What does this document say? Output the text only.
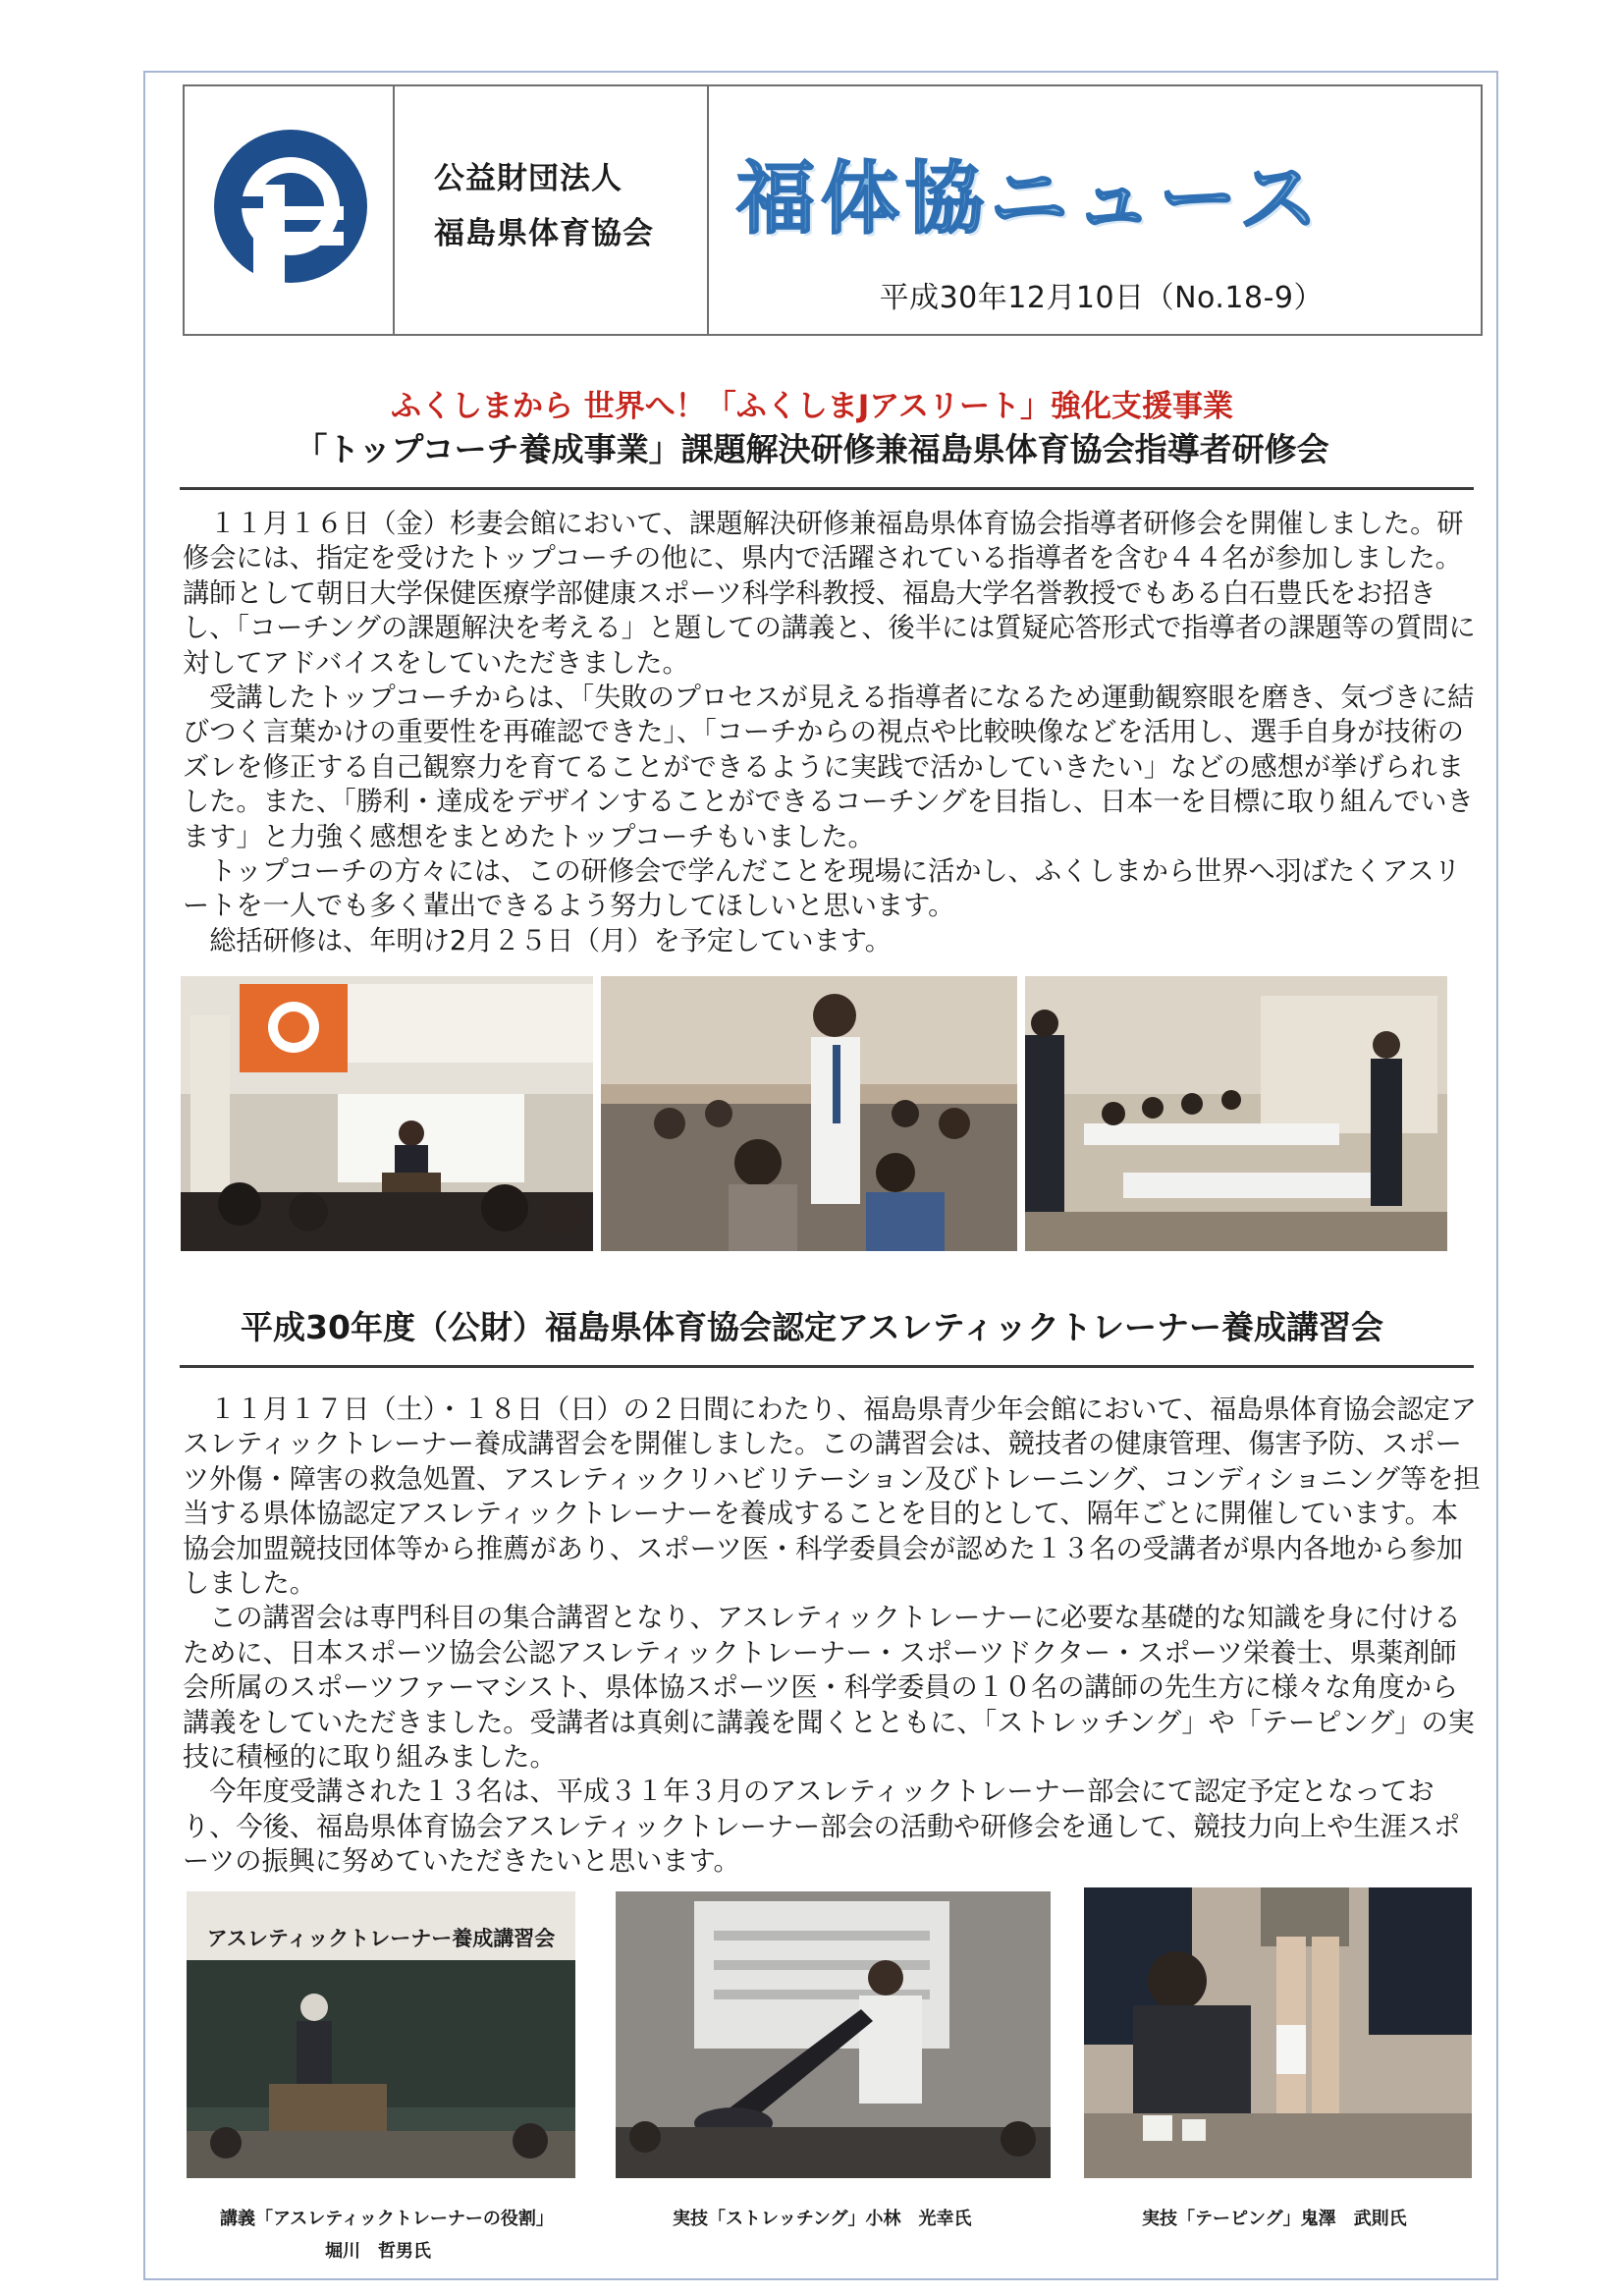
公益財団法人
福島県体育協会 福体協ニュース
平成30年12月10日（No.18-9）
ふくしまから 世界へ！「ふくしまJアスリート」強化支援事業
「トップコーチ養成事業」課題解決研修兼福島県体育協会指導者研修会

１１月１６日（金）杉妻会館において、課題解決研修兼福島県体育協会指導者研修会を開催しました。研修会には、指定を受けたトップコーチの他に、県内で活躍されている指導者を含む４４名が参加しました。講師として朝日大学保健医療学部健康スポーツ科学科教授、福島大学名誉教授でもある白石豊氏をお招きし、「コーチングの課題解決を考える」と題しての講義と、後半には質疑応答形式で指導者の課題等の質問に対してアドバイスをしていただきました。

受講したトップコーチからは、「失敗のプロセスが見える指導者になるため運動観察眼を磨き、気づきに結びつく言葉かけの重要性を再確認できた」、「コーチからの視点や比較映像などを活用し、選手自身が技術のズレを修正する自己観察力を育てることができるように実践で活かしていきたい」などの感想が挙げられました。また、「勝利・達成をデザインすることができるコーチングを目指し、日本一を目標に取り組んでいきます」と力強く感想をまとめたトップコーチもいました。

トップコーチの方々には、この研修会で学んだことを現場に活かし、ふくしまから世界へ羽ばたくアスリートを一人でも多く輩出できるよう努力してほしいと思います。

総括研修は、年明け2月２５日（月）を予定しています。

平成30年度（公財）福島県体育協会認定アスレティックトレーナー養成講習会

１１月１７日（土）・１８日（日）の２日間にわたり、福島県青少年会館において、福島県体育協会認定アスレティックトレーナー養成講習会を開催しました。この講習会は、競技者の健康管理、傷害予防、スポーツ外傷・障害の救急処置、アスレティックリハビリテーション及びトレーニング、コンディショニング等を担当する県体協認定アスレティックトレーナーを養成することを目的として、隔年ごとに開催しています。本協会加盟競技団体等から推薦があり、スポーツ医・科学委員会が認めた１３名の受講者が県内各地から参加しました。

この講習会は専門科目の集合講習となり、アスレティックトレーナーに必要な基礎的な知識を身に付けるために、日本スポーツ協会公認アスレティックトレーナー・スポーツドクター・スポーツ栄養士、県薬剤師会所属のスポーツファーマシスト、県体協スポーツ医・科学委員の１０名の講師の先生方に様々な角度から講義をしていただきました。受講者は真剣に講義を聞くとともに、「ストレッチング」や「テーピング」の実技に積極的に取り組みました。

今年度受講された１３名は、平成３１年３月のアスレティックトレーナー部会にて認定予定となっており、今後、福島県体育協会アスレティックトレーナー部会の活動や研修会を通して、競技力向上や生涯スポーツの振興に努めていただきたいと思います。

アスレティックトレーナー養成講習会
講義「アスレティックトレーナーの役割」
堀川　哲男氏
実技「ストレッチング」小林　光幸氏	実技「テーピング」鬼澤　武則氏
